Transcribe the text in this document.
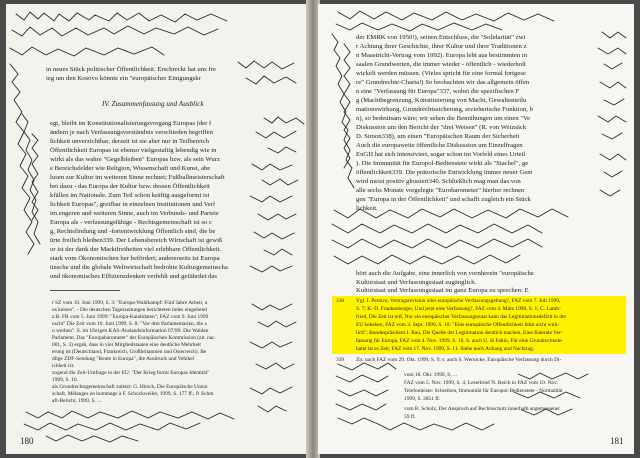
in neues Stück politischer Öffentlichkeit. Erschreckt hat uns fre
ieg um den Kosovo könnte ein "europäischer Einigungskr
IV. Zusammenfassung und Ausblick
egt, bleibt im Konstitutionalisierungsvorgang Europas (der f
ändern je nach Verfassungsverständnis verschieden begriffen
lichkeit unverzichtbar, derzeit ist sie aber nur in Teilbereich
Öffentlichkeit Europas ist ebenso vielgestaltig lebendig wie in
wirkt als das wahre "Gegelbleiben" Europas bzw. als sein Wurz
e Bereichsfelder wie Religion, Wissenschaft und Kunst, abe
lusen zur Kultur im weiteren Sinne rechnet; Fußballmeisterschaft
bei dazu - das Europa der Kultur bzw. dessen Öffentlichkeit
kfällen im Nationale. Zum Teil schon kräftig ausgeformt ist
lichkeit Europas", greifbar in einzelnen Institutionen und Verf
im engeren und weiteren Sinne, auch im Verbunds- und Parteie
Europa als - verfassungsfähige - Rechtsgemeinschaft ist so c
g, Rechtsfindung und -fortentwicklung Öffentlich sind, die be
ürte freilich bleiben339. Der Lebensbereich Wirtschaft ist gewiß
or ist der dank der Marktfreiheiten viel erlebbare Öffentlichkeit.
stark vom Ökonomischen her befördert; andererseits ist Europa
ünsche und die globale Weltwirtschaft bedrohte Kulturgemeinscha
und ökonomisches Effizienzdenken verfehlt und gefährdet das
r SZ vom 10. Juni 1999, S. 3: "Europa-Wahlkampf: Fünf Jahre Arbeit, u
us keines". - Die deutschen Tageszeitungen berichteten indes eingehend
z.B. FR vom 5. Juni 1999: "Europa-Kandidaten"; FAZ vom 9. Juni 1999
uschl" Die Zeit vom 10. Juni 1999, S. 8: "Vor drei Parlamentarien, die a
u werben". S. im Übrigen KAS-Auslandsinformation 07/99: Die Wahlen
Parlament. Das "Europabarometer" der Europäischen Kommission (zit. nac
001, S. 3) ergab, dass in vier Mitgliedstaaten eine deutliche Mehrheit
erung ist (Deutschland, Frankreich, Großbritannien und Österreich). Be
dlige ZDF-Sendung "Reute in Europa", die Ausdruck und Vehikel
ichkeit ist.
zogend die Zeit-Umfrage in der EU: "Der Krieg formt Europas Identität"
1999, S. 10.
als Grundrechtsgemeinschaft zuletzt: G. Hirsch, Die Europäische Union
schaft, Mélanges en hommage à F. Schockweiler, 1999, S. 177 ff.; P. Schm
aft-Bericht, 1999, S. ...
180
der EMRK von 1950!), seinen Entschluss, die "Solidarität" zwi
r Achtung ihrer Geschichte, ihrer Kultur und ihrer Traditionen z
n Maastricht-Vertrag vom 1992). Europa lebt aus bestimmten in
saalen Grundwerten, die immer wieder - öffentlich - wiederholt
wickelt werden müssen. (Vieles spricht für eine formal fortgese
re" Grundrechte-Charta!) So beobachten wir das allgemein öffen
n eine "Verfassung für Europa"337, wobei die spezifischen F
g (Machtbegrenzung, Konstituierung von Macht, Gewaltenteilu
mationswirkung, Grundrechtssicherung, erzieherische Funktion, b
n), so bedeutsam wäre; wir sehen die Bemühungen um einen "Ve
Diskussion um den Bericht der "drei Weisen" (R. von Weizsäck
D. Simon338), um einen "Europäischen Raum der Sicherheit
Auch die europaweite öffentliche Diskussion um Einzelfragen
EuGH hat sich intensiviert, sogar schon im Vorfeld eines Urteil
). Die Immunität für Europol-Bedienstete wirkt als "Stachel", ge
öffentlichkeit339. Die prätorische Entwicklung immer neuer Gem
wird meist positiv glossiert340. Schließlich mag man das von
alle sechs Monate vorgelegte "Eurobarometer" hierher rechnen
gen "Europa in der Öffentlichkeit" und schafft zugleich ein Stück
lichkeit.
hört auch die Aufgabe, eine innerlich von vornherein "europäische
Kulturstaat und Verfassungsstaat zugänglich.
Kulturstaat und Verfassungsstaat im ganz Europa zu sprechen: E
338 Vgl. I. Pernice, Vertragsrevision oder europäische Verfassungsgebung?, FAZ vom 7. Juli 1999,
S. 7; K.-D. Frankenberger, Und jetzt eine Verfassung?, FAZ vom 4. März 1999, S. 1; C. Lamb-
fried, Die Zeit ist reif, Nur ein europäischer Verfassungsstaat kann das Legitimationsdefizit in der
EU beheben, FAZ vom 3. Sept. 1999, S. 10: "Eine europäische Öffentlichkeit fehlt nicht wirk-
lich"; Bundespräsident J. Rau, Die Quelle der Legitimation deutlich machen, Eine föderale Ver-
fassung für Europa, FAZ vom 4. Nov. 1999, S. 16. S. auch U. di Fabio, Für eine Grundrechtsde-
batte ist es Zeit, FAZ vom 17. Nov. 1999, S. 11. Siehe noch Anhang und Nachtrag.
339 Zit. nach FAZ vom 29. Okt. 1999, S. 9; s. auch S. Wernicke, Europäische Verfassung durch Di-
vom 18. Okt. 1999, S. ...
FAZ vom 5. Nov. 1999, S. 4; Leserbrief N. Reich in FAZ vom 10. Nov.
Telefonleiste: Schreiben, Immunität für Europol-Bedienstete - Normalität
1999, S. 2851 ff.
vom R. Scholz, Der Anspruch auf Rechtsschutz innerhalb angemessener
59 ff.
181
